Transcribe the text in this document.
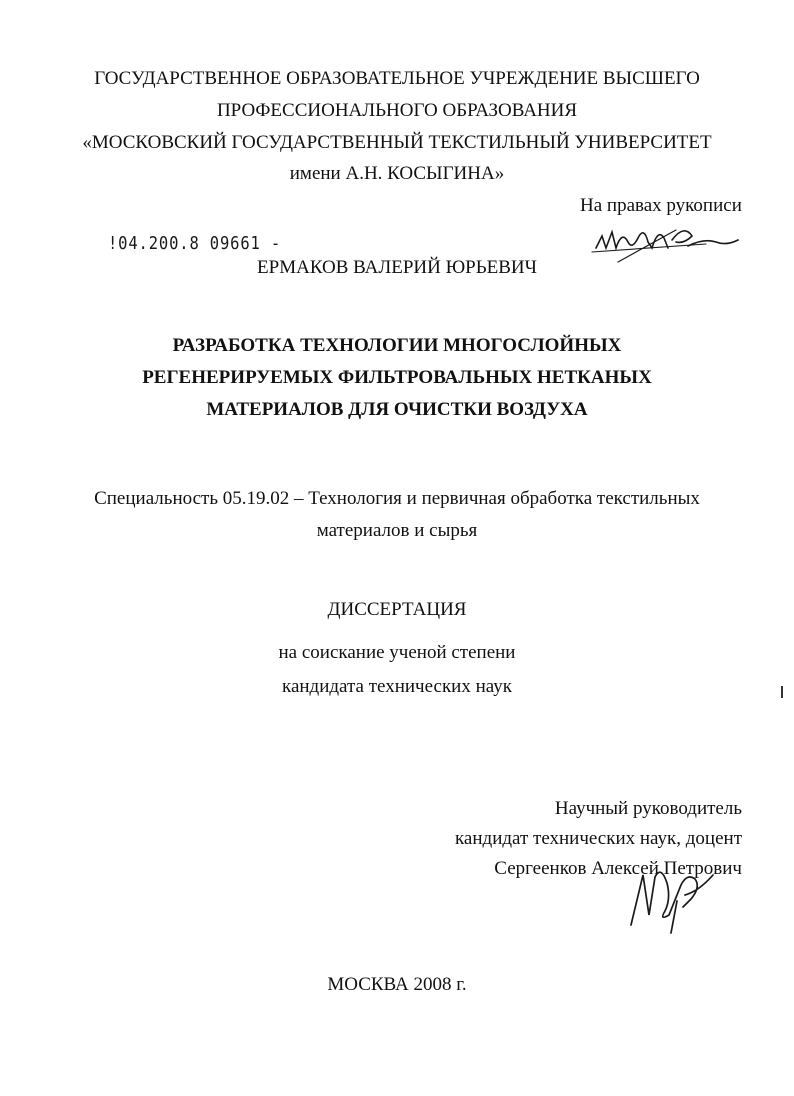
ГОСУДАРСТВЕННОЕ ОБРАЗОВАТЕЛЬНОЕ УЧРЕЖДЕНИЕ ВЫСШЕГО
ПРОФЕССИОНАЛЬНОГО ОБРАЗОВАНИЯ
«МОСКОВСКИЙ ГОСУДАРСТВЕННЫЙ ТЕКСТИЛЬНЫЙ УНИВЕРСИТЕТ
имени А.Н. КОСЫГИНА»
На правах рукописи
!04.200.8 09661 -
ЕРМАКОВ ВАЛЕРИЙ ЮРЬЕВИЧ
РАЗРАБОТКА ТЕХНОЛОГИИ МНОГОСЛОЙНЫХ
РЕГЕНЕРИРУЕМЫХ ФИЛЬТРОВАЛЬНЫХ НЕТКАНЫХ
МАТЕРИАЛОВ ДЛЯ ОЧИСТКИ ВОЗДУХА
Специальность 05.19.02 – Технология и первичная обработка текстильных
материалов и сырья
ДИССЕРТАЦИЯ
на соискание ученой степени
кандидата технических наук
Научный руководитель
кандидат технических наук, доцент
Сергеенков Алексей Петрович
МОСКВА 2008 г.
